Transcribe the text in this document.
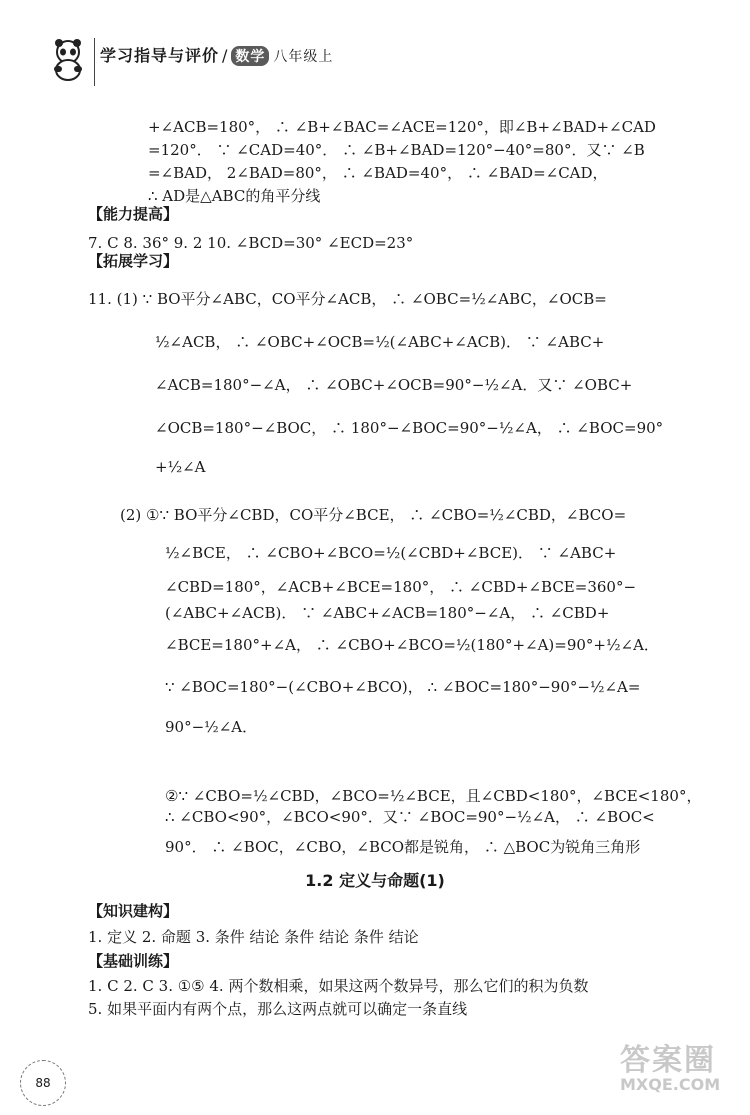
学习指导与评价 / 数学 八年级上
+∠ACB=180°， ∴ ∠B+∠BAC=∠ACE=120°，即∠B+∠BAD+∠CAD
=120°． ∵ ∠CAD=40°． ∴ ∠B+∠BAD=120°−40°=80°．又∵ ∠B
=∠BAD， 2∠BAD=80°， ∴ ∠BAD=40°， ∴ ∠BAD=∠CAD，
∴ AD是△ABC的角平分线
7. C 8. 36° 9. 2 10. ∠BCD=30° ∠ECD=23°
11. (1) ∵ BO平分∠ABC，CO平分∠ACB， ∴ ∠OBC=½∠ABC，∠OCB=
½∠ACB， ∴ ∠OBC+∠OCB=½(∠ABC+∠ACB)． ∵ ∠ABC+
∠ACB=180°−∠A， ∴ ∠OBC+∠OCB=90°−½∠A．又∵ ∠OBC+
∠OCB=180°−∠BOC， ∴ 180°−∠BOC=90°−½∠A， ∴ ∠BOC=90°
+½∠A
(2) ①∵ BO平分∠CBD，CO平分∠BCE， ∴ ∠CBO=½∠CBD，∠BCO=
½∠BCE， ∴ ∠CBO+∠BCO=½(∠CBD+∠BCE)． ∵ ∠ABC+
∠CBD=180°，∠ACB+∠BCE=180°， ∴ ∠CBD+∠BCE=360°−
(∠ABC+∠ACB)． ∵ ∠ABC+∠ACB=180°−∠A， ∴ ∠CBD+
∠BCE=180°+∠A， ∴ ∠CBO+∠BCO=½(180°+∠A)=90°+½∠A．
∵ ∠BOC=180°−(∠CBO+∠BCO)， ∴ ∠BOC=180°−90°−½∠A=
90°−½∠A．
②∵ ∠CBO=½∠CBD，∠BCO=½∠BCE，且∠CBD<180°，∠BCE<180°，
∴ ∠CBO<90°，∠BCO<90°．又∵ ∠BOC=90°−½∠A， ∴ ∠BOC<
90°． ∴ ∠BOC，∠CBO，∠BCO都是锐角， ∴ △BOC为锐角三角形
1. 定义 2. 命题 3. 条件 结论 条件 结论 条件 结论
1. C 2. C 3. ①⑤ 4. 两个数相乘，如果这两个数异号，那么它们的积为负数
5. 如果平面内有两个点，那么这两点就可以确定一条直线
【能力提高】
【拓展学习】
【知识建构】
【基础训练】
1.2 定义与命题(1)
88
答案圈
MXQE.COM
